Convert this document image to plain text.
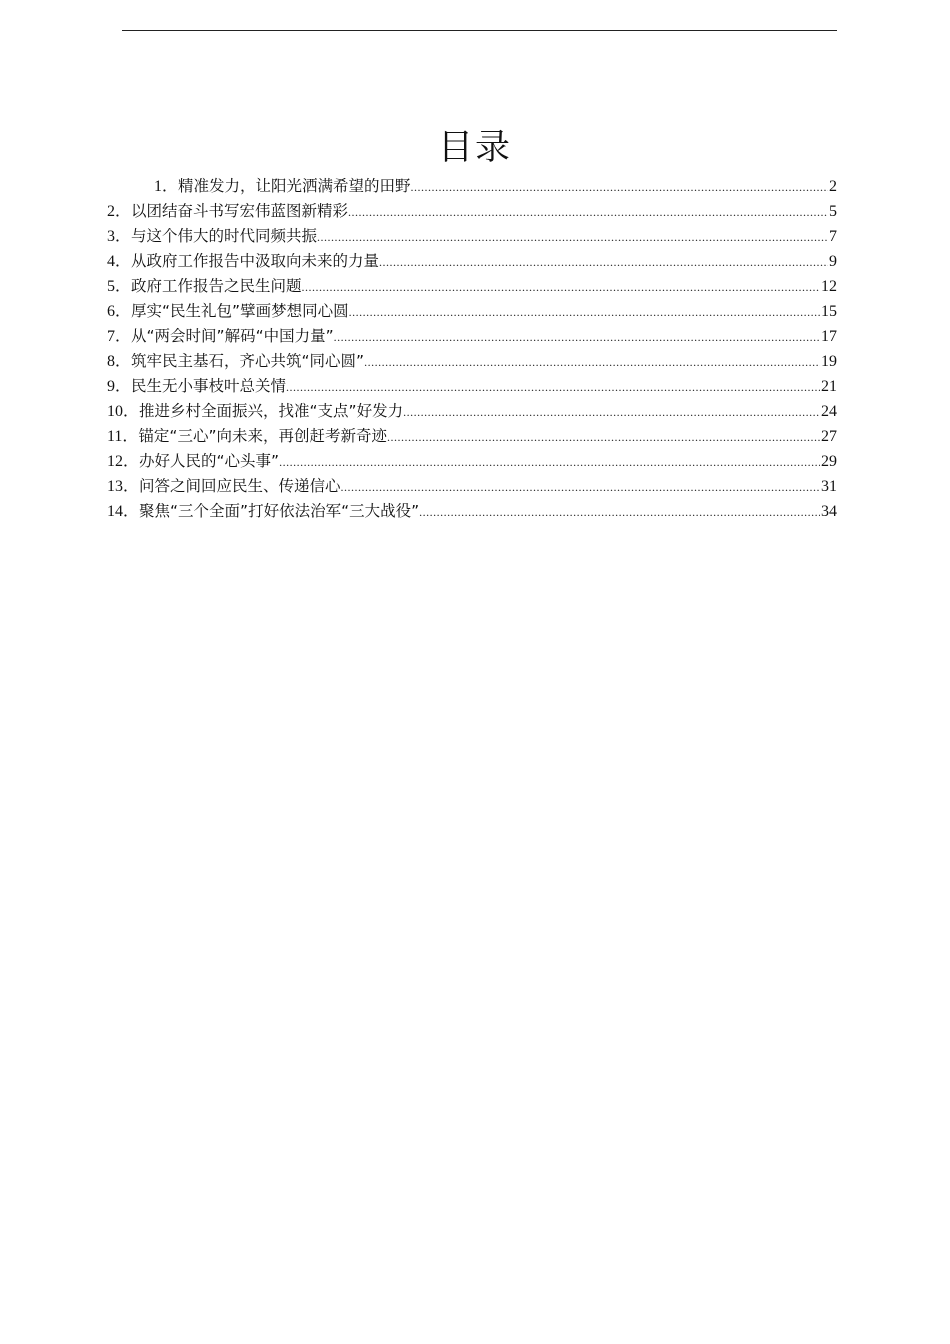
目录
1． 精准发力，让阳光洒满希望的田野 .....	2
2． 以团结奋斗书写宏伟蓝图新精彩 .....	5
3． 与这个伟大的时代同频共振 .....	7
4． 从政府工作报告中汲取向未来的力量 .....	9
5． 政府工作报告之民生问题 .....	12
6． 厚实“民生礼包”擘画梦想同心圆 .....	15
7． 从“两会时间”解码“中国力量” .....	17
8． 筑牢民主基石，齐心共筑“同心圆” .....	19
9． 民生无小事枝叶总关情 .....	21
10． 推进乡村全面振兴，找准“支点”好发力 .....	24
11． 锚定“三心”向未来，再创赶考新奇迹 .....	27
12． 办好人民的“心头事” .....	29
13． 问答之间回应民生、传递信心 .....	31
14． 聚焦“三个全面”打好依法治军“三大战役” .....	34
